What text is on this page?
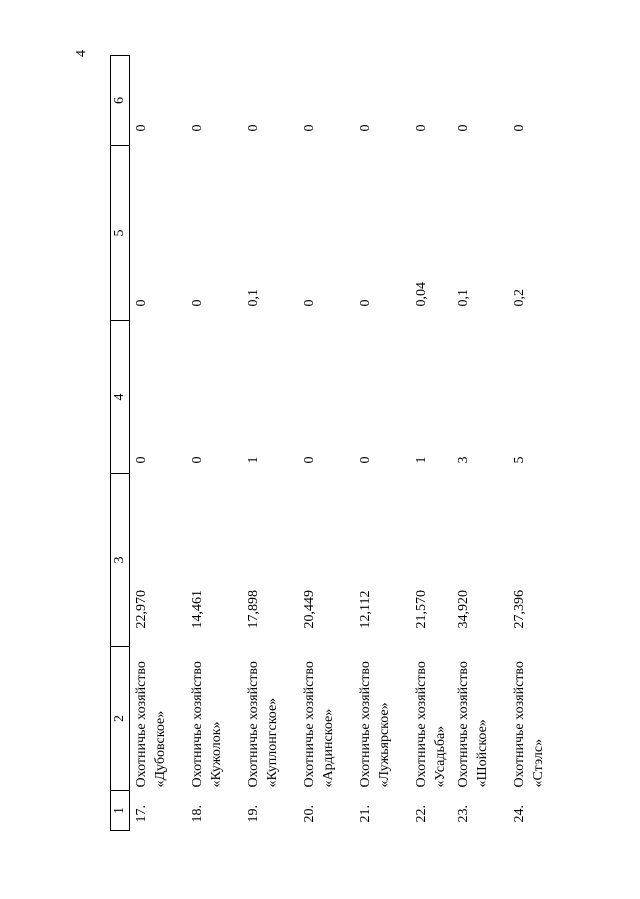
4
1	2	3	4	5	6
17.	Охотничье хозяйство «Дубовское»	22,970	0	0	0
18.	Охотничье хозяйство «Кужолок»	14,461	0	0	0
19.	Охотничье хозяйство «Куплонгское»	17,898	1	0,1	0
20.	Охотничье хозяйство «Ардинское»	20,449	0	0	0
21.	Охотничье хозяйство «Лужьярское»	12,112	0	0	0
22.	Охотничье хозяйство «Усадьба»	21,570	1	0,04	0
23.	Охотничье хозяйство «Шойское»	34,920	3	0,1	0
24.	Охотничье хозяйство «Стэлс»	27,396	5	0,2	0
